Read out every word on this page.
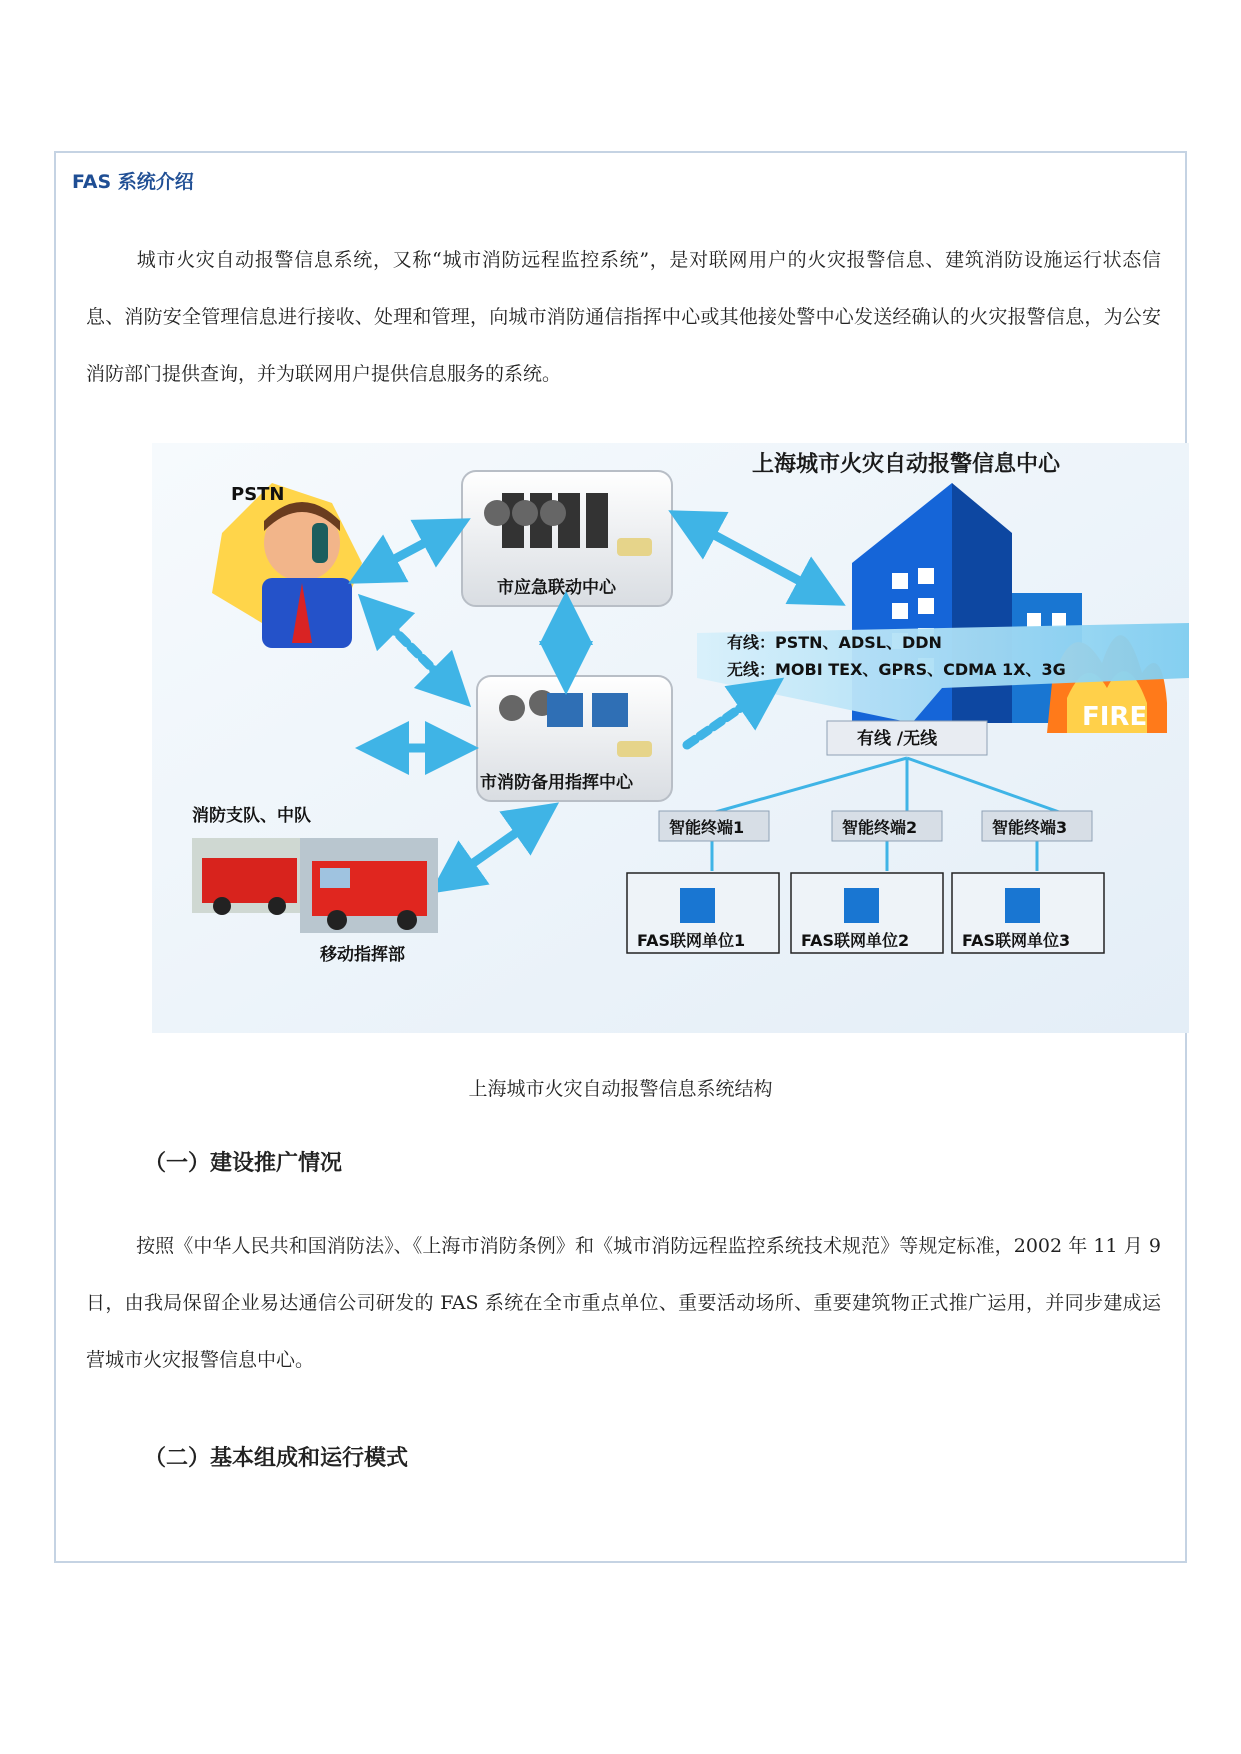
FAS 系统介绍
城市火灾自动报警信息系统，又称“城市消防远程监控系统”，是对联网用户的火灾报警信息、建筑消防设施运行状态信息、消防安全管理信息进行接收、处理和管理，向城市消防通信指挥中心或其他接处警中心发送经确认的火灾报警信息，为公安消防部门提供查询，并为联网用户提供信息服务的系统。
FIRE
上海城市火灾自动报警信息中心
PSTN
市应急联动中心
市消防备用指挥中心
有线：PSTN、ADSL、DDN
无线：MOBI TEX、GPRS、CDMA 1X、3G
有线 /无线
智能终端1	智能终端2	智能终端3
FAS联网单位1	FAS联网单位2	FAS联网单位3
消防支队、中队
移动指挥部
上海城市火灾自动报警信息系统结构
（一）建设推广情况
按照《中华人民共和国消防法》、《上海市消防条例》和《城市消防远程监控系统技术规范》等规定标准，2002 年 11 月 9 日，由我局保留企业易达通信公司研发的 FAS 系统在全市重点单位、重要活动场所、重要建筑物正式推广运用，并同步建成运营城市火灾报警信息中心。
（二）基本组成和运行模式
